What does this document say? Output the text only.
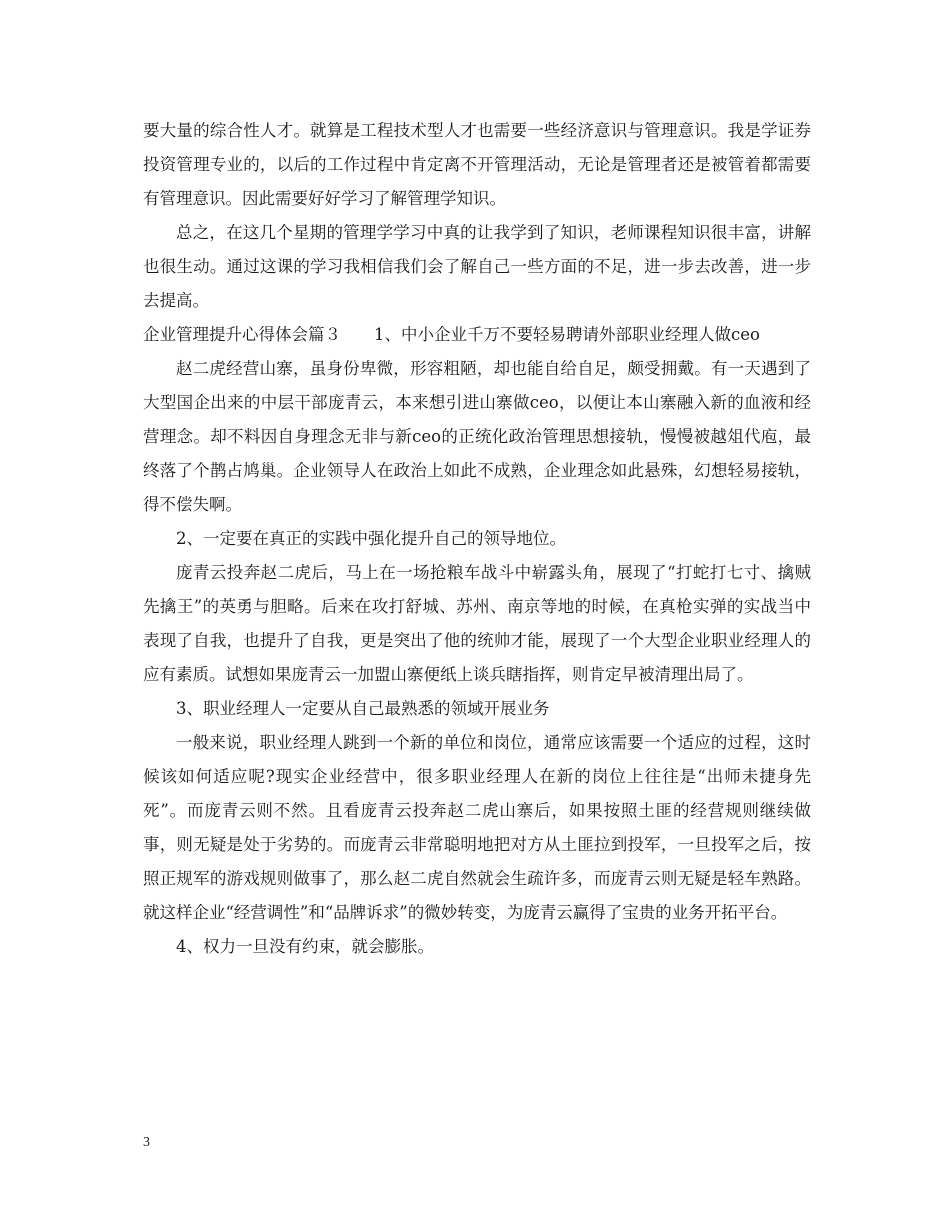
要大量的综合性人才。就算是工程技术型人才也需要一些经济意识与管理意识。我是学证券投资管理专业的，以后的工作过程中肯定离不开管理活动，无论是管理者还是被管着都需要有管理意识。因此需要好好学习了解管理学知识。

总之，在这几个星期的管理学学习中真的让我学到了知识，老师课程知识很丰富，讲解也很生动。通过这课的学习我相信我们会了解自己一些方面的不足，进一步去改善，进一步去提高。

企业管理提升心得体会篇３　　1、中小企业千万不要轻易聘请外部职业经理人做ceo

赵二虎经营山寨，虽身份卑微，形容粗陋，却也能自给自足，颇受拥戴。有一天遇到了大型国企出来的中层干部庞青云，本来想引进山寨做ceo，以便让本山寨融入新的血液和经营理念。却不料因自身理念无非与新ceo的正统化政治管理思想接轨，慢慢被越俎代庖，最终落了个鹊占鸠巢。企业领导人在政治上如此不成熟，企业理念如此悬殊，幻想轻易接轨，得不偿失啊。

2、一定要在真正的实践中强化提升自己的领导地位。

庞青云投奔赵二虎后，马上在一场抢粮车战斗中崭露头角，展现了“打蛇打七寸、擒贼先擒王”的英勇与胆略。后来在攻打舒城、苏州、南京等地的时候，在真枪实弹的实战当中表现了自我，也提升了自我，更是突出了他的统帅才能，展现了一个大型企业职业经理人的应有素质。试想如果庞青云一加盟山寨便纸上谈兵瞎指挥，则肯定早被清理出局了。

3、职业经理人一定要从自己最熟悉的领域开展业务

一般来说，职业经理人跳到一个新的单位和岗位，通常应该需要一个适应的过程，这时候该如何适应呢?现实企业经营中，很多职业经理人在新的岗位上往往是“出师未捷身先死”。而庞青云则不然。且看庞青云投奔赵二虎山寨后，如果按照土匪的经营规则继续做事，则无疑是处于劣势的。而庞青云非常聪明地把对方从土匪拉到投军，一旦投军之后，按照正规军的游戏规则做事了，那么赵二虎自然就会生疏许多，而庞青云则无疑是轻车熟路。就这样企业“经营调性”和“品牌诉求”的微妙转变，为庞青云赢得了宝贵的业务开拓平台。

4、权力一旦没有约束，就会膨胀。

3
